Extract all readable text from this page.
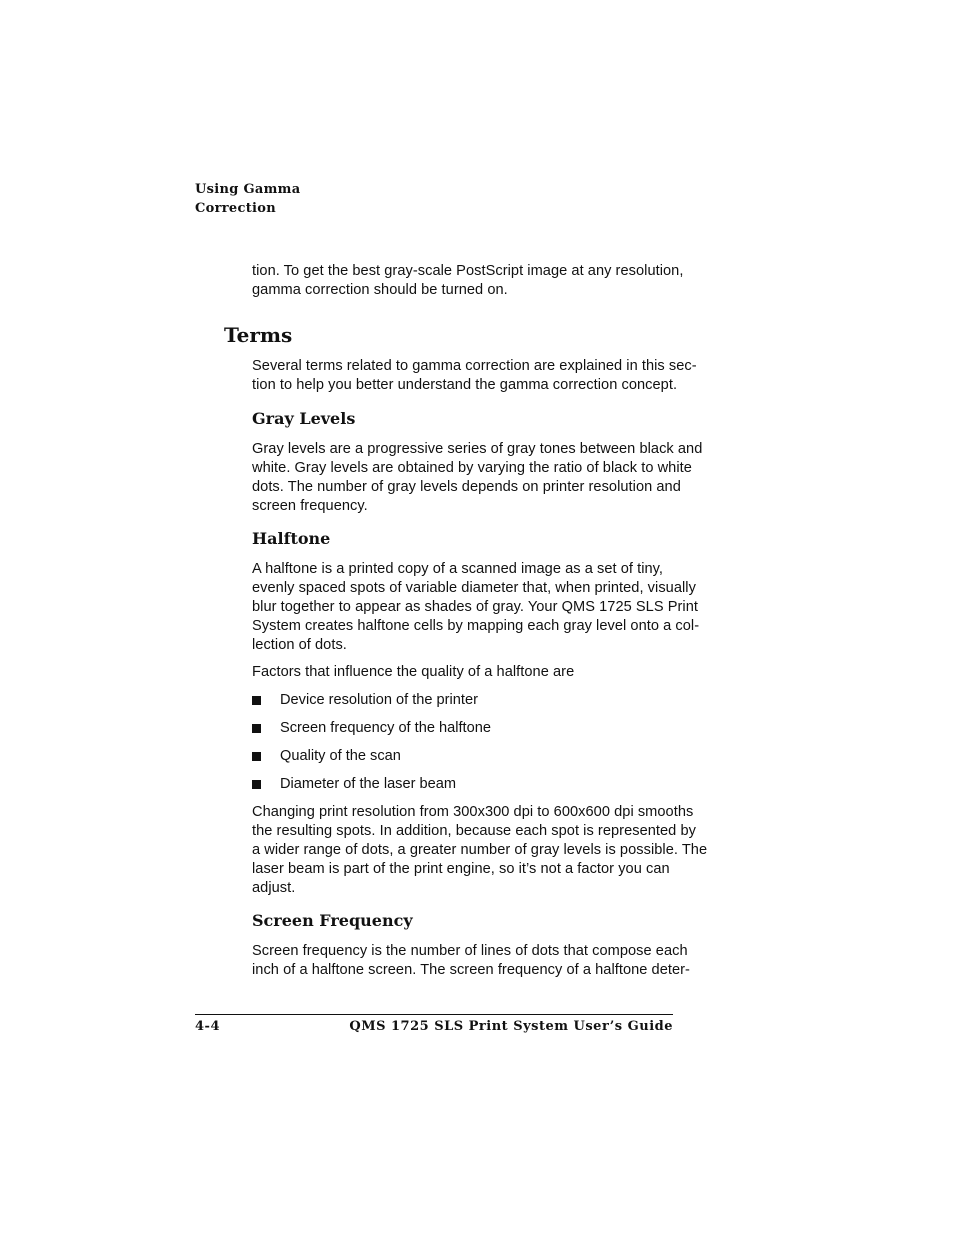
Using Gamma
Correction

tion. To get the best gray-scale PostScript image at any resolution,
gamma correction should be turned on.

Terms

Several terms related to gamma correction are explained in this sec-
tion to help you better understand the gamma correction concept.

Gray Levels

Gray levels are a progressive series of gray tones between black and
white. Gray levels are obtained by varying the ratio of black to white
dots. The number of gray levels depends on printer resolution and
screen frequency.

Halftone

A halftone is a printed copy of a scanned image as a set of tiny,
evenly spaced spots of variable diameter that, when printed, visually
blur together to appear as shades of gray. Your QMS 1725 SLS Print
System creates halftone cells by mapping each gray level onto a col-
lection of dots.

Factors that influence the quality of a halftone are

Device resolution of the printer
Screen frequency of the halftone
Quality of the scan
Diameter of the laser beam

Changing print resolution from 300x300 dpi to 600x600 dpi smooths
the resulting spots. In addition, because each spot is represented by
a wider range of dots, a greater number of gray levels is possible. The
laser beam is part of the print engine, so it’s not a factor you can
adjust.

Screen Frequency

Screen frequency is the number of lines of dots that compose each
inch of a halftone screen. The screen frequency of a halftone deter-

4-4	QMS 1725 SLS Print System User’s Guide
